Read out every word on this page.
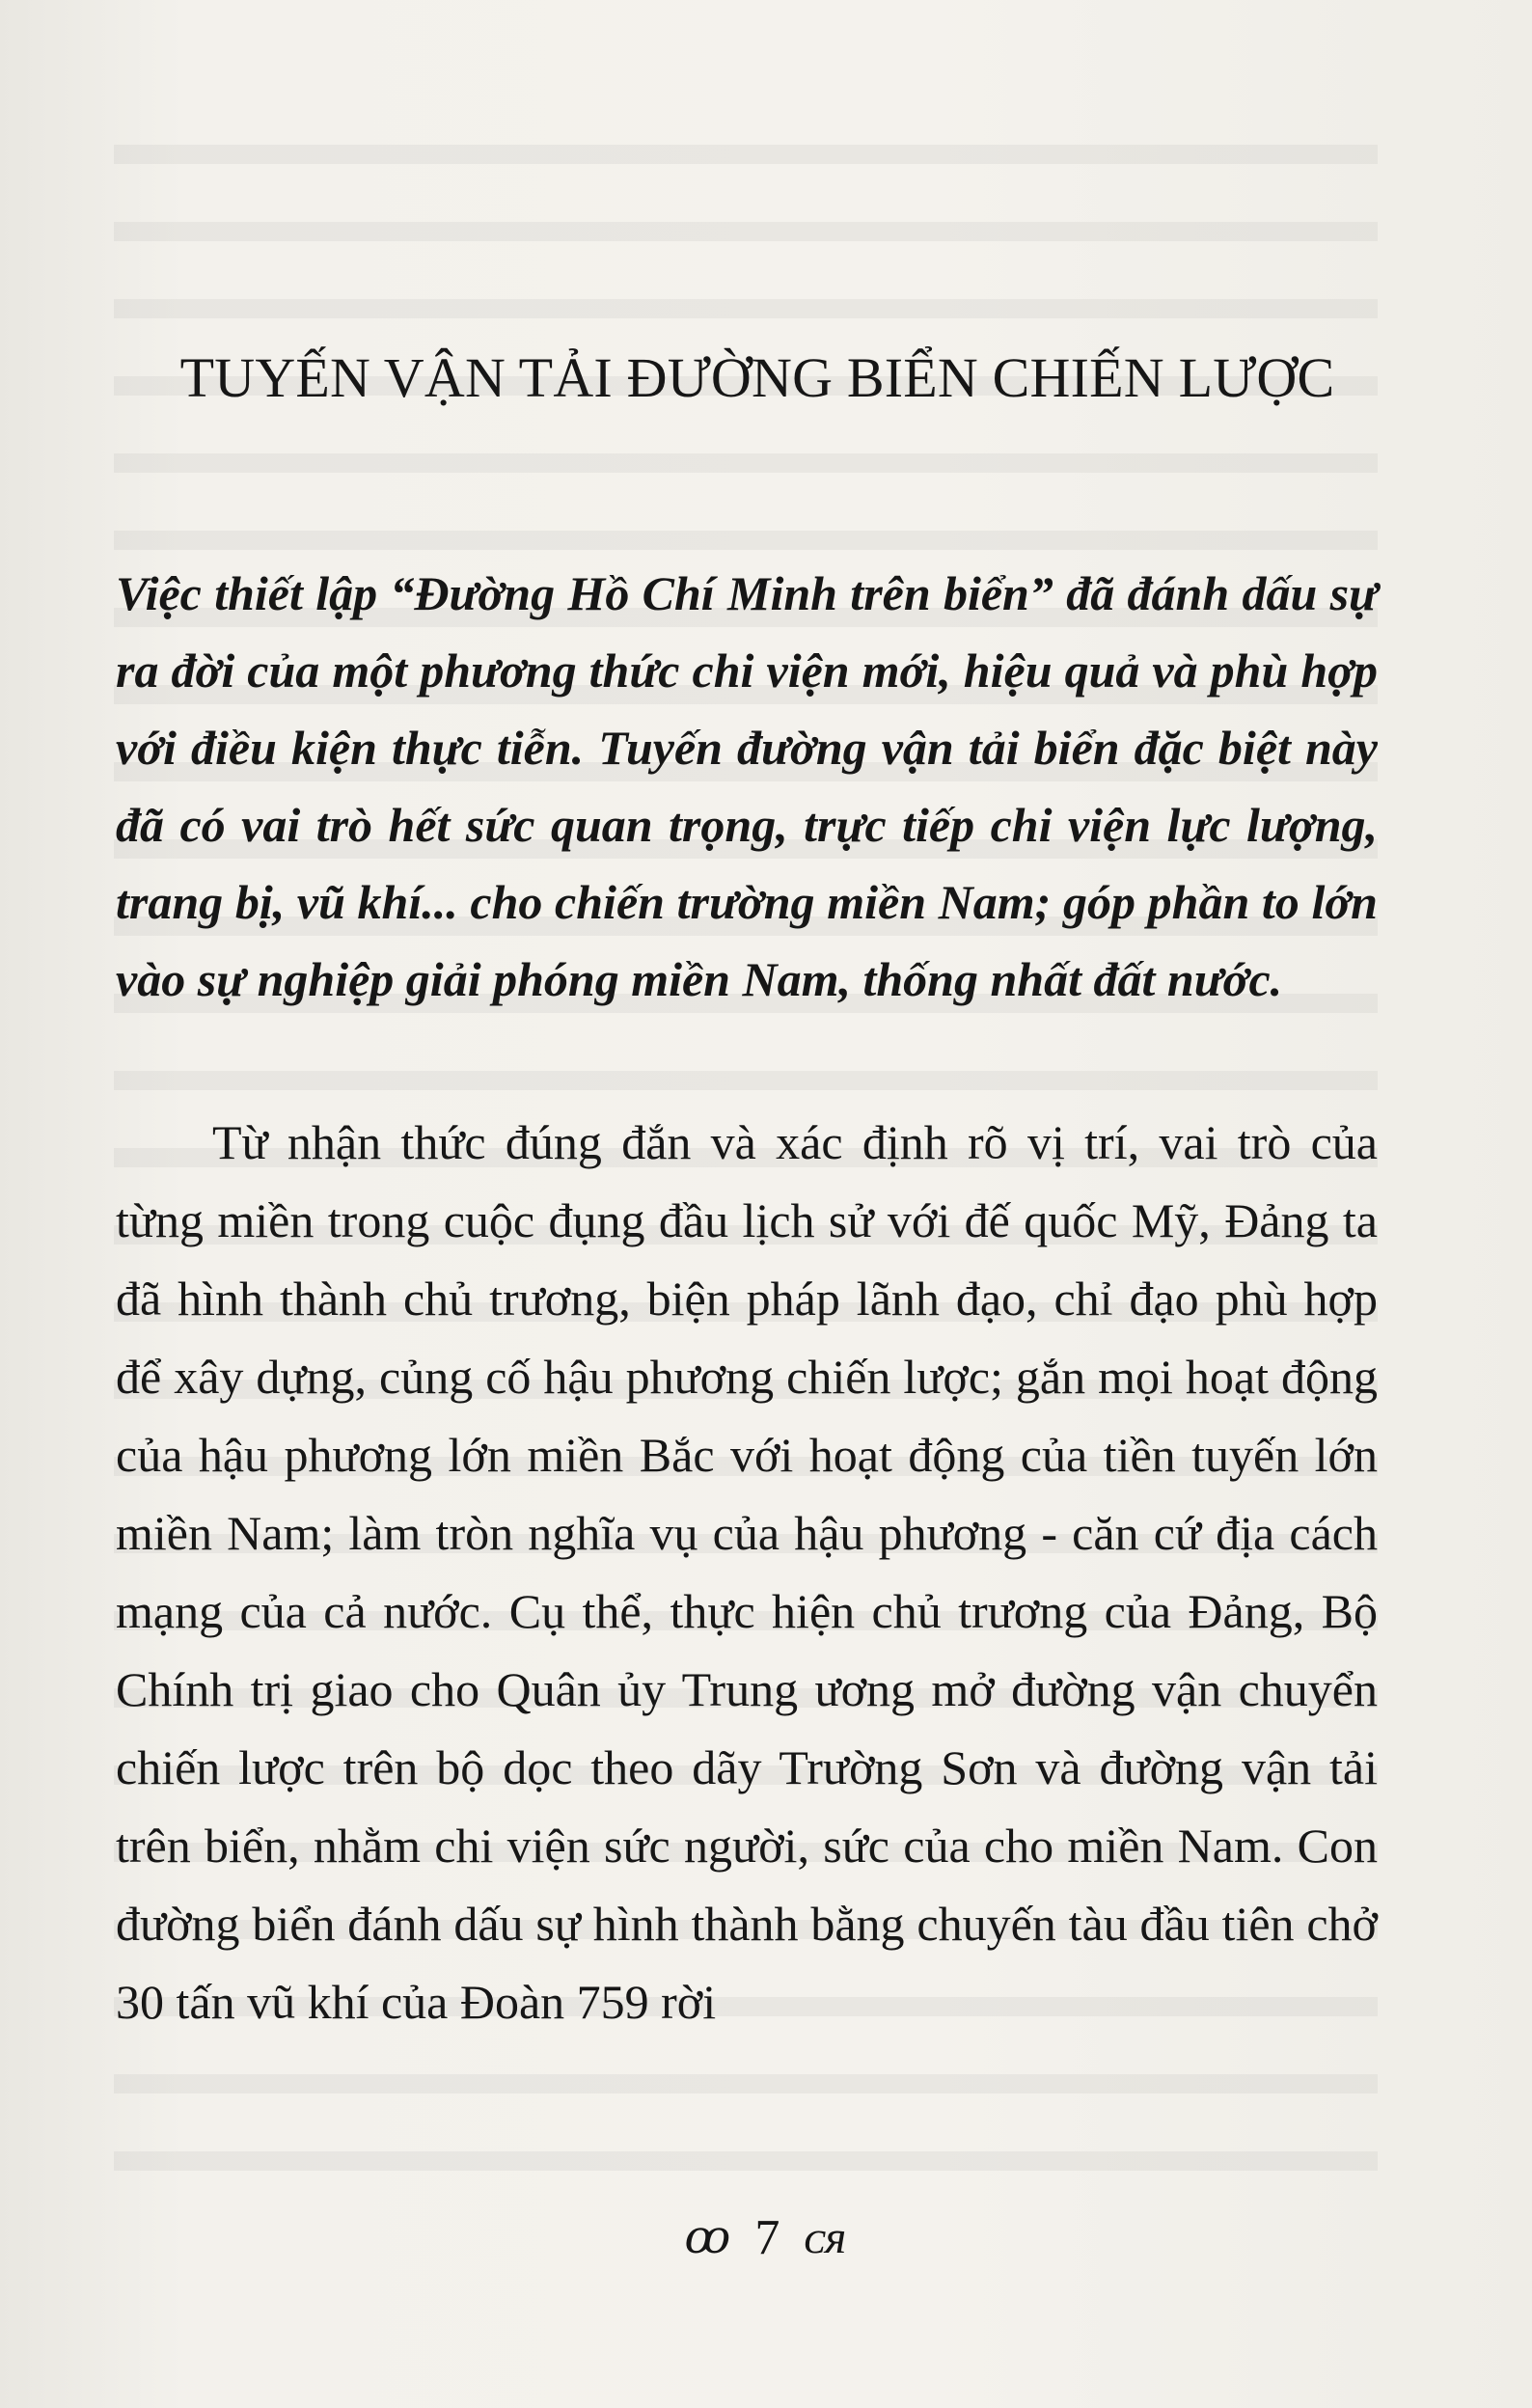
TUYẾN VẬN TẢI ĐƯỜNG BIỂN CHIẾN LƯỢC
Việc thiết lập “Đường Hồ Chí Minh trên biển” đã đánh dấu sự ra đời của một phương thức chi viện mới, hiệu quả và phù hợp với điều kiện thực tiễn. Tuyến đường vận tải biển đặc biệt này đã có vai trò hết sức quan trọng, trực tiếp chi viện lực lượng, trang bị, vũ khí... cho chiến trường miền Nam; góp phần to lớn vào sự nghiệp giải phóng miền Nam, thống nhất đất nước.

Từ nhận thức đúng đắn và xác định rõ vị trí, vai trò của từng miền trong cuộc đụng đầu lịch sử với đế quốc Mỹ, Đảng ta đã hình thành chủ trương, biện pháp lãnh đạo, chỉ đạo phù hợp để xây dựng, củng cố hậu phương chiến lược; gắn mọi hoạt động của hậu phương lớn miền Bắc với hoạt động của tiền tuyến lớn miền Nam; làm tròn nghĩa vụ của hậu phương - căn cứ địa cách mạng của cả nước. Cụ thể, thực hiện chủ trương của Đảng, Bộ Chính trị giao cho Quân ủy Trung ương mở đường vận chuyển chiến lược trên bộ dọc theo dãy Trường Sơn và đường vận tải trên biển, nhằm chi viện sức người, sức của cho miền Nam. Con đường biển đánh dấu sự hình thành bằng chuyến tàu đầu tiên chở 30 tấn vũ khí của Đoàn 759 rời

ꝏ 7 ᴄᴙ
